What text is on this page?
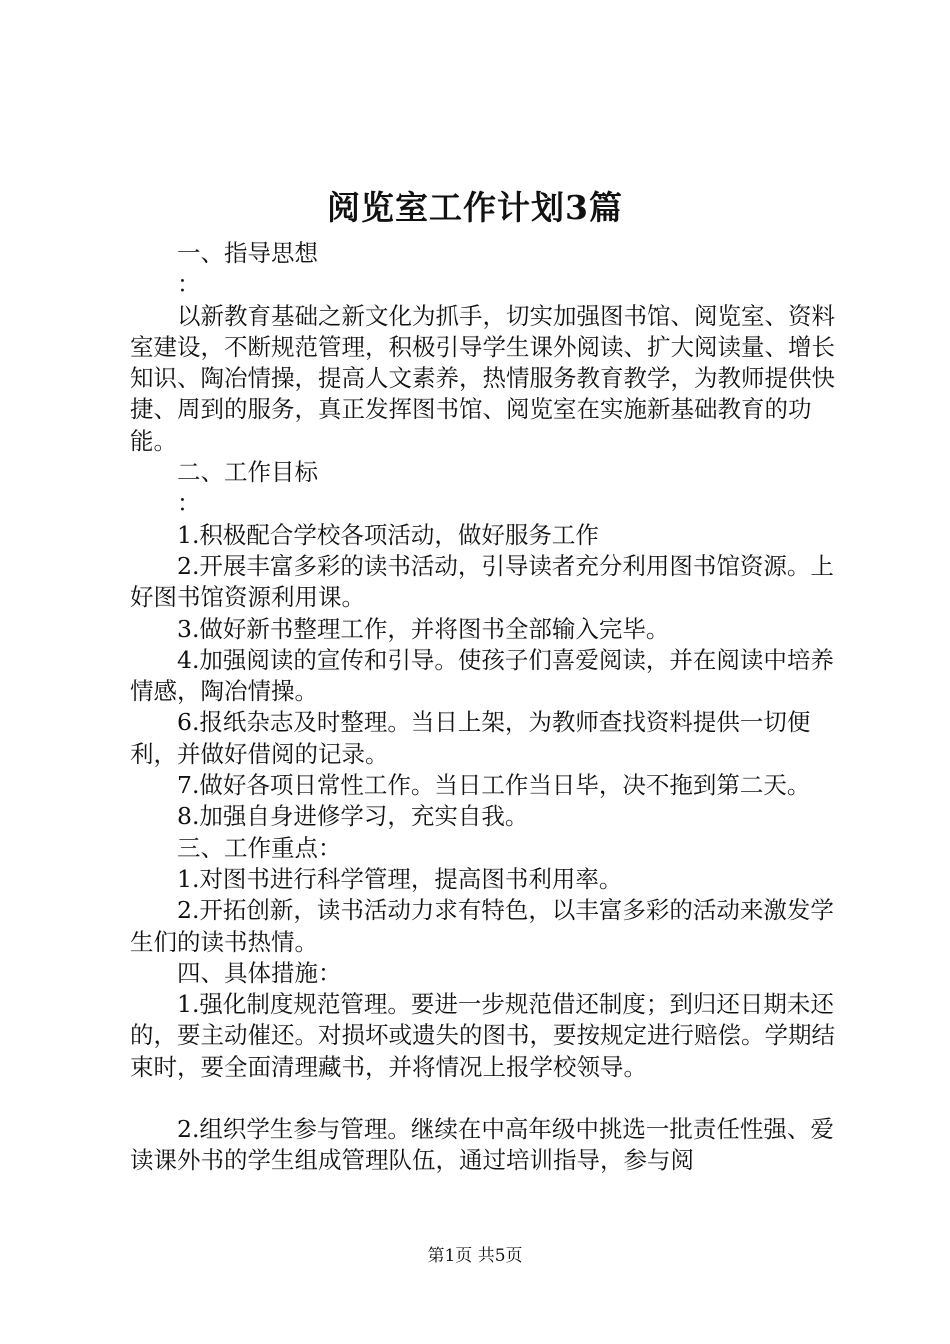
阅览室工作计划3篇

一、指导思想

：

以新教育基础之新文化为抓手，切实加强图书馆、阅览室、资料室建设，不断规范管理，积极引导学生课外阅读、扩大阅读量、增长知识、陶冶情操，提高人文素养，热情服务教育教学，为教师提供快捷、周到的服务，真正发挥图书馆、阅览室在实施新基础教育的功能。

二、工作目标

：

1.积极配合学校各项活动，做好服务工作

2.开展丰富多彩的读书活动，引导读者充分利用图书馆资源。上好图书馆资源利用课。

3.做好新书整理工作，并将图书全部输入完毕。

4.加强阅读的宣传和引导。使孩子们喜爱阅读，并在阅读中培养情感，陶冶情操。

6.报纸杂志及时整理。当日上架，为教师查找资料提供一切便利，并做好借阅的记录。

7.做好各项日常性工作。当日工作当日毕，决不拖到第二天。

8.加强自身进修学习，充实自我。

三、工作重点：

1.对图书进行科学管理，提高图书利用率。

2.开拓创新，读书活动力求有特色，以丰富多彩的活动来激发学生们的读书热情。

四、具体措施：

1.强化制度规范管理。要进一步规范借还制度；到归还日期未还的，要主动催还。对损坏或遗失的图书，要按规定进行赔偿。学期结束时，要全面清理藏书，并将情况上报学校领导。

2.组织学生参与管理。继续在中高年级中挑选一批责任性强、爱读课外书的学生组成管理队伍，通过培训指导，参与阅

第1页 共5页
